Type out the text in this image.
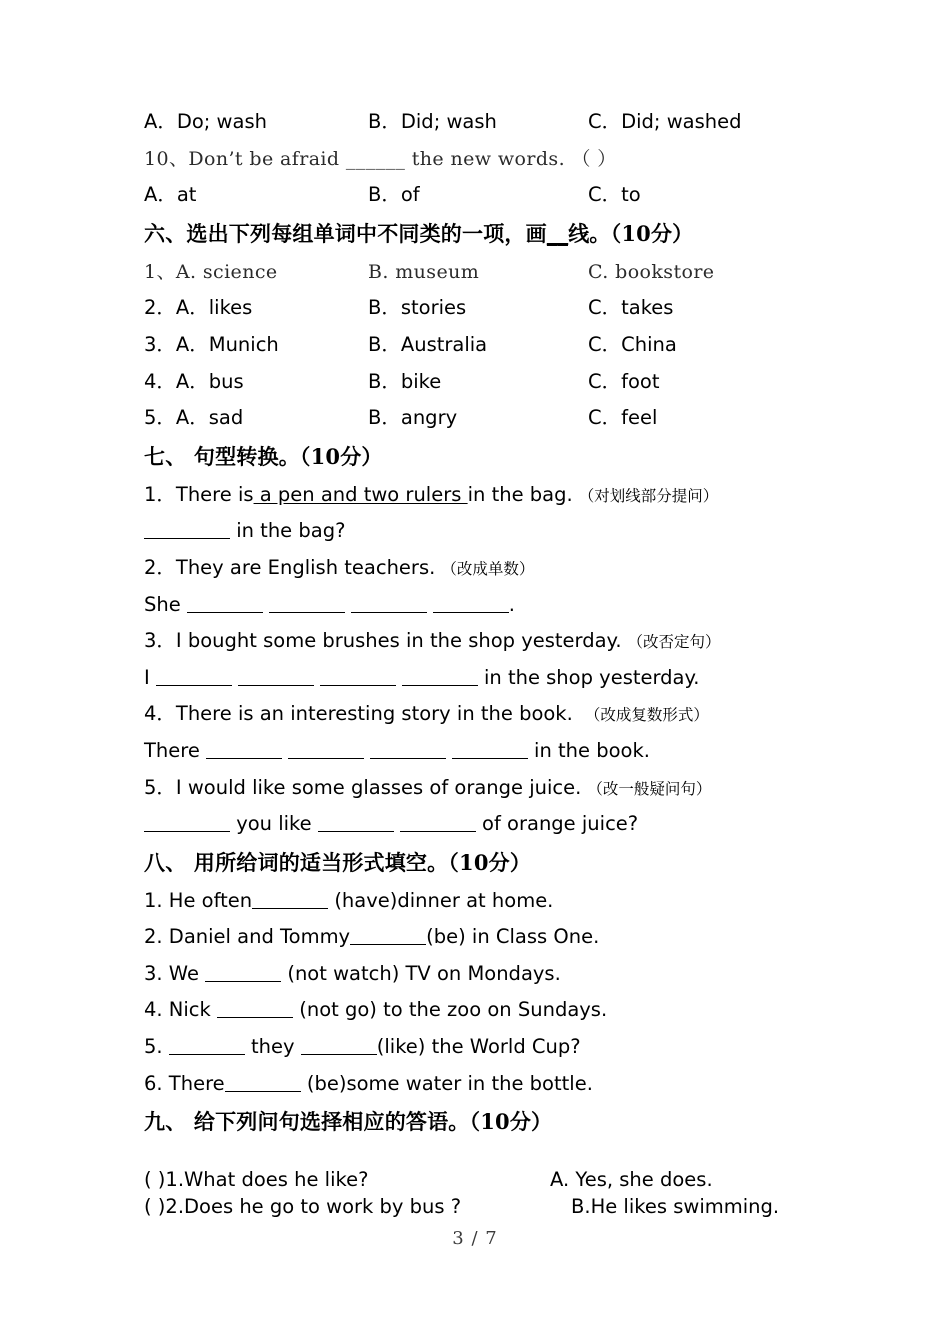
A．Do; wash	B．Did; wash	C．Did; washed
10、Don’t be afraid ______ the new words. （ ）
A．at	B．of	C．to
六、选出下列每组单词中不同类的一项，画__线。（10分）
1、A. science	B. museum	C. bookstore
2．A．likes	B．stories	C．takes
3．A．Munich	B．Australia	C．China
4．A．bus	B．bike	C．foot
5．A．sad	B．angry	C．feel
七、 句型转换。（10分）
1．There is a pen and two rulers in the bag. （对划线部分提问）
in the bag?
2．They are English teachers. （改成单数）
She	.
3．I bought some brushes in the shop yesterday. （改否定句）
I	in the shop yesterday.
4．There is an interesting story in the book. （改成复数形式）
There	in the book.
5．I would like some glasses of orange juice. （改一般疑问句）
you like	of orange juice?
八、 用所给词的适当形式填空。（10分）
1. He often	(have)dinner at home.
2. Daniel and Tommy	(be) in Class One.
3. We	(not watch) TV on Mondays.
4. Nick	(not go) to the zoo on Sundays.
5.	they	(like) the World Cup?
6. There	(be)some water in the bottle.
九、 给下列问句选择相应的答语。（10分）
( )1.What does he like?	A. Yes, she does.
( )2.Does he go to work by bus ?	B.He likes swimming.
3 / 7
